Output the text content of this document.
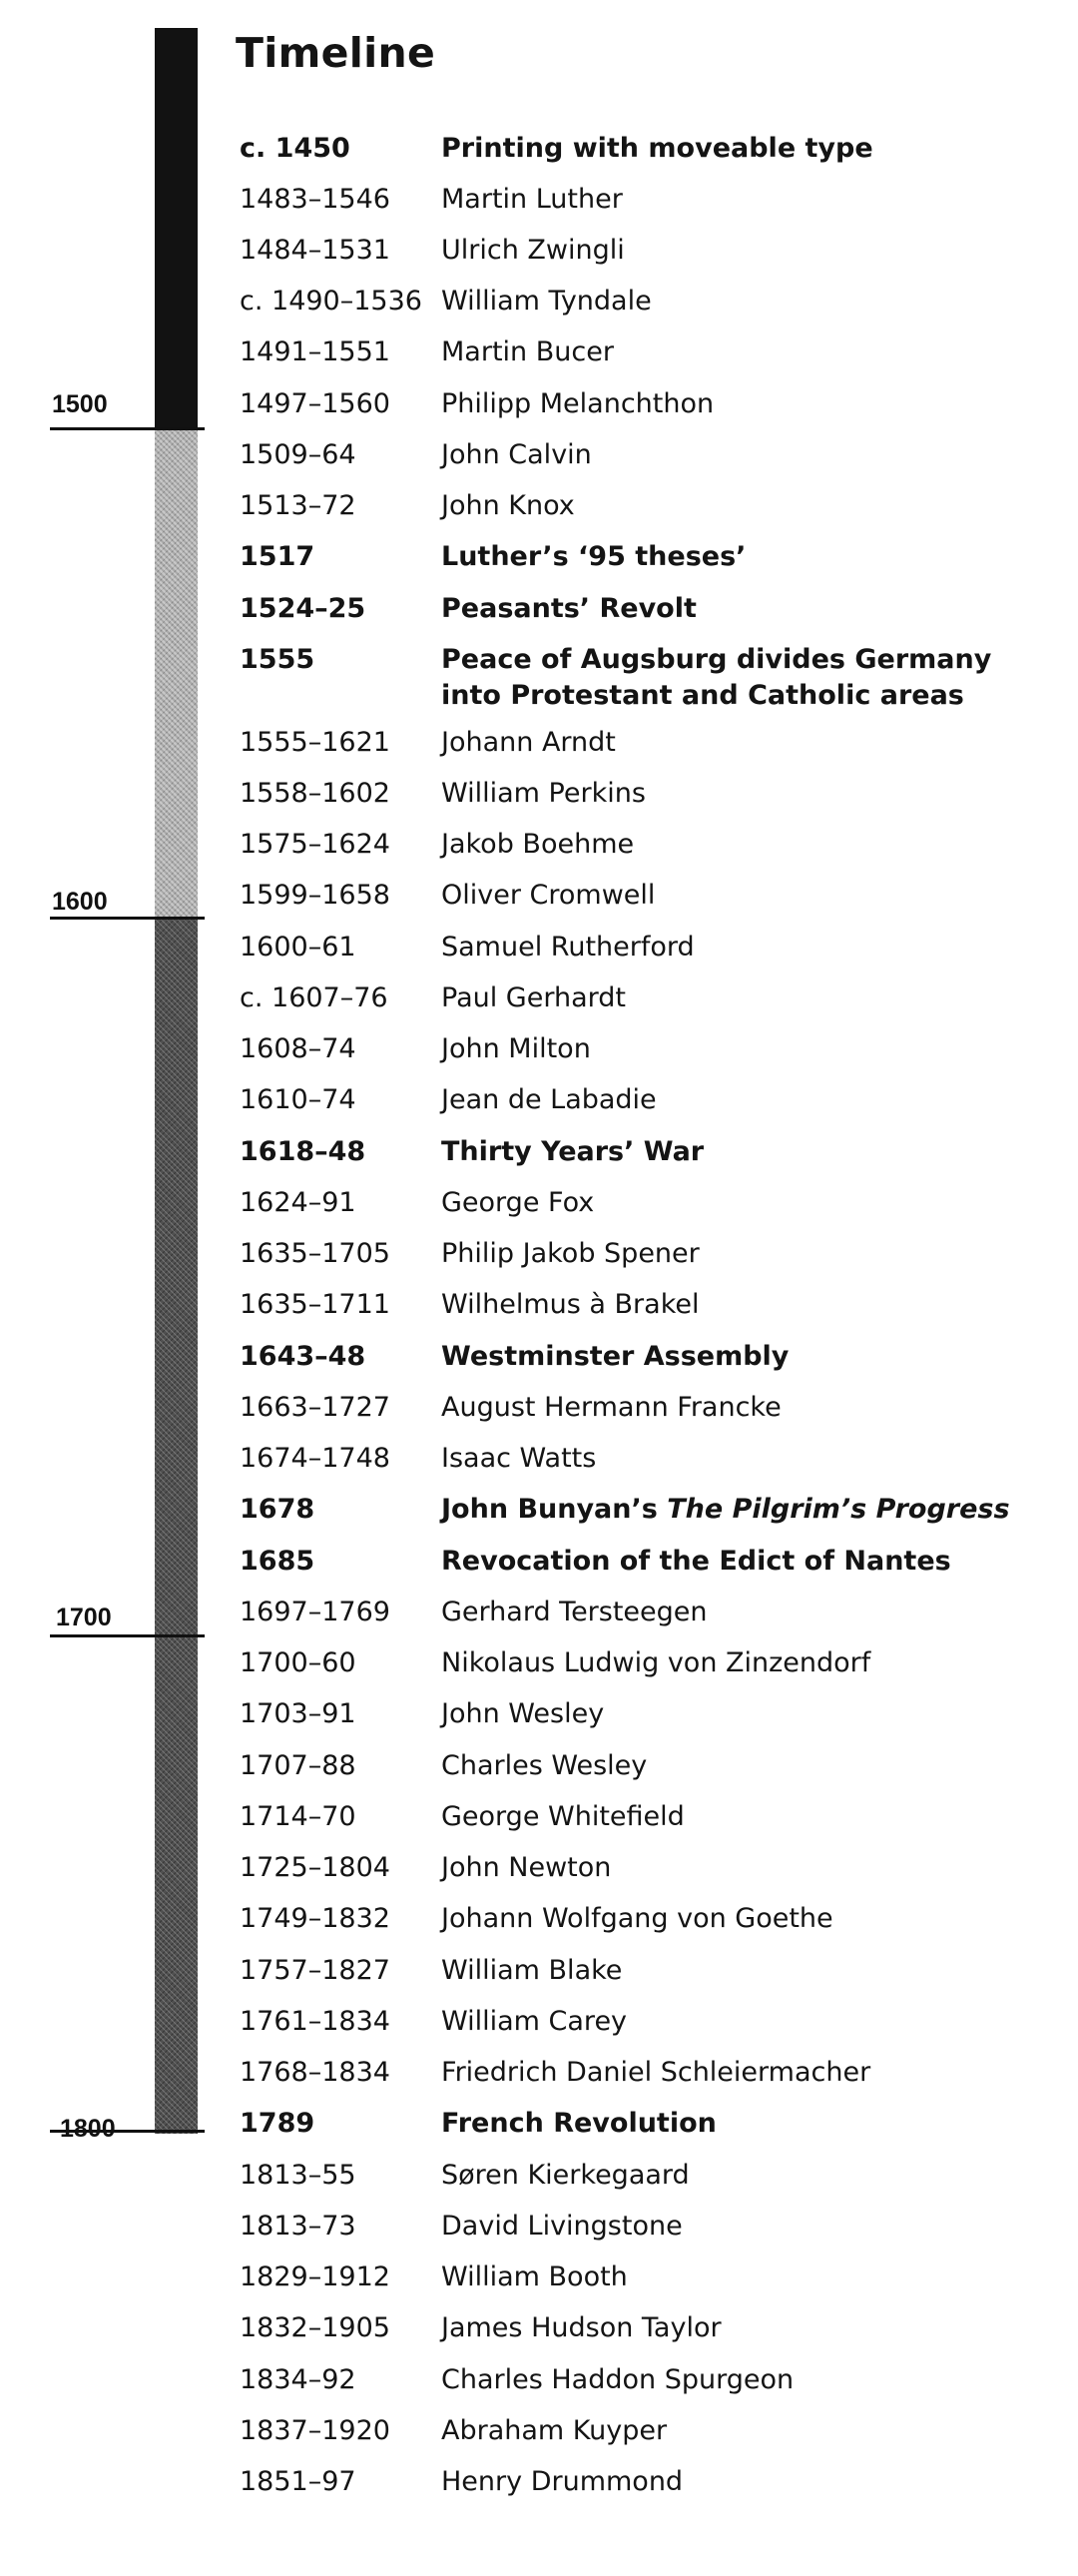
1500
1600
1700
1800
Timeline
c. 1450	Printing with moveable type
1483–1546 Martin Luther
1484–1531 Ulrich Zwingli
c. 1490–1536 William Tyndale
1491–1551 Martin Bucer
1497–1560 Philipp Melanchthon
1509–64	John Calvin
1513–72	John Knox
1517	Luther’s ‘95 theses’
1524–25	Peasants’ Revolt
1555	Peace of Augsburg divides Germany into Protestant and Catholic areas
1555–1621 Johann Arndt
1558–1602 William Perkins
1575–1624 Jakob Boehme
1599–1658 Oliver Cromwell
1600–61	Samuel Rutherford
c. 1607–76 Paul Gerhardt
1608–74	John Milton
1610–74	Jean de Labadie
1618–48	Thirty Years’ War
1624–91	George Fox
1635–1705 Philip Jakob Spener
1635–1711 Wilhelmus à Brakel
1643–48	Westminster Assembly
1663–1727 August Hermann Francke
1674–1748 Isaac Watts
1678	John Bunyan’s The Pilgrim’s Progress
1685	Revocation of the Edict of Nantes
1697–1769 Gerhard Tersteegen
1700–60	Nikolaus Ludwig von Zinzendorf
1703–91	John Wesley
1707–88	Charles Wesley
1714–70	George Whitefield
1725–1804 John Newton
1749–1832 Johann Wolfgang von Goethe
1757–1827 William Blake
1761–1834 William Carey
1768–1834 Friedrich Daniel Schleiermacher
1789	French Revolution
1813–55	Søren Kierkegaard
1813–73	David Livingstone
1829–1912 William Booth
1832–1905 James Hudson Taylor
1834–92	Charles Haddon Spurgeon
1837–1920 Abraham Kuyper
1851–97	Henry Drummond
